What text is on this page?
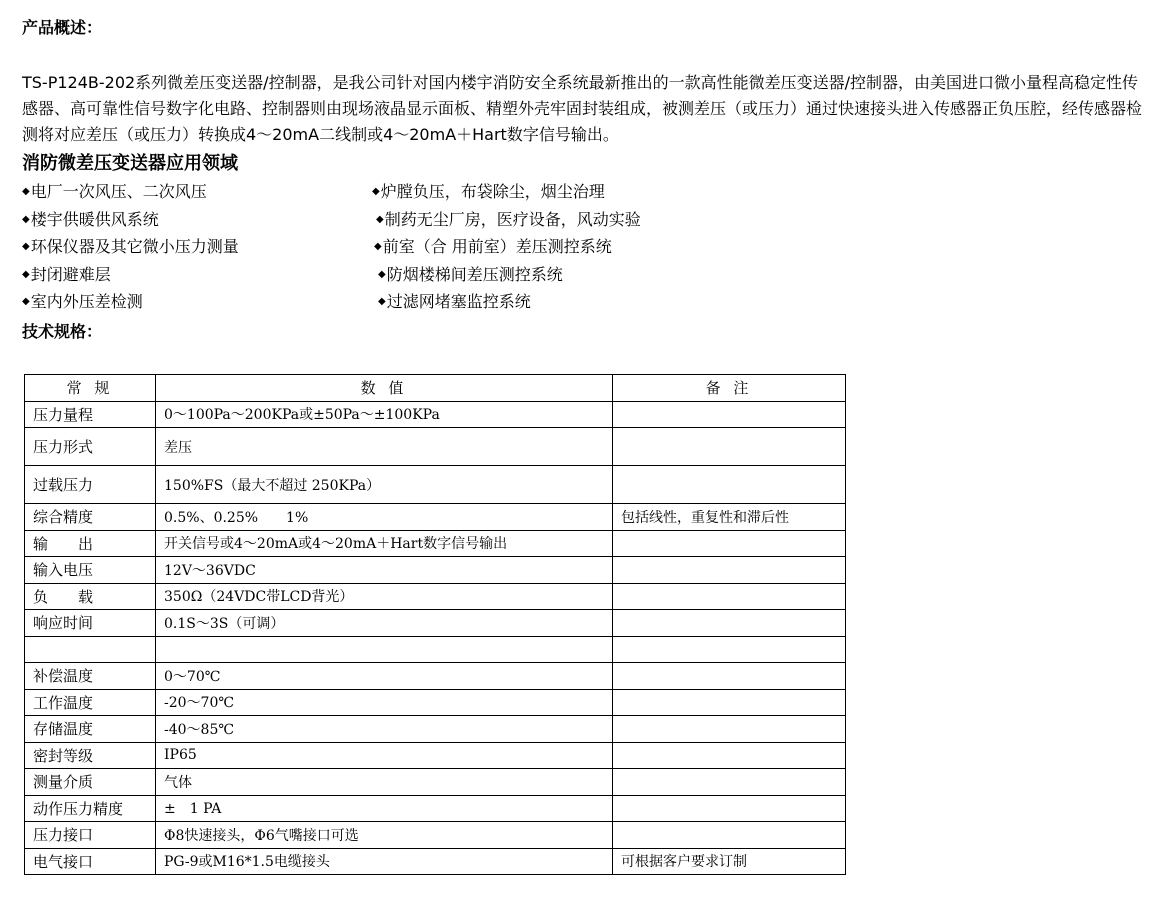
产品概述：

TS-P124B-202系列微差压变送器/控制器，是我公司针对国内楼宇消防安全系统最新推出的一款高性能微差压变送器/控制器，由美国进口微小量程高稳定性传感器、高可靠性信号数字化电路、控制器则由现场液晶显示面板、精塑外壳牢固封装组成，被测差压（或压力）通过快速接头进入传感器正负压腔，经传感器检测将对应差压（或压力）转换成4～20mA二线制或4～20mA＋Hart数字信号输出。

消防微差压变送器应用领域
◆电厂一次风压、二次风压	◆炉膛负压，布袋除尘，烟尘治理
◆楼宇供暖供风系统	◆制药无尘厂房，医疗设备，风动实验
◆环保仪器及其它微小压力测量	◆前室（合 用前室）差压测控系统
◆封闭避难层	◆防烟楼梯间差压测控系统
◆室内外压差检测	◆过滤网堵塞监控系统
技术规格：
常 规	数 值	备 注
压力量程	0～100Pa～200KPa或±50Pa～±100KPa	
压力形式	差压	
过载压力	150%FS（最大不超过 250KPa）	
综合精度	0.5%、0.25%　　1%	包括线性，重复性和滞后性
输　　出	开关信号或4～20mA或4～20mA＋Hart数字信号输出	
输入电压	12V～36VDC	
负　　载	350Ω（24VDC带LCD背光）	
响应时间	0.1S～3S（可调）	

补偿温度	0～70℃	
工作温度	-20～70℃	
存储温度	-40～85℃	
密封等级	IP65	
测量介质	气体	
动作压力精度	±　1 PA	
压力接口	Φ8快速接头，Φ6气嘴接口可选	
电气接口	PG-9或M16*1.5电缆接头	可根据客户要求订制
